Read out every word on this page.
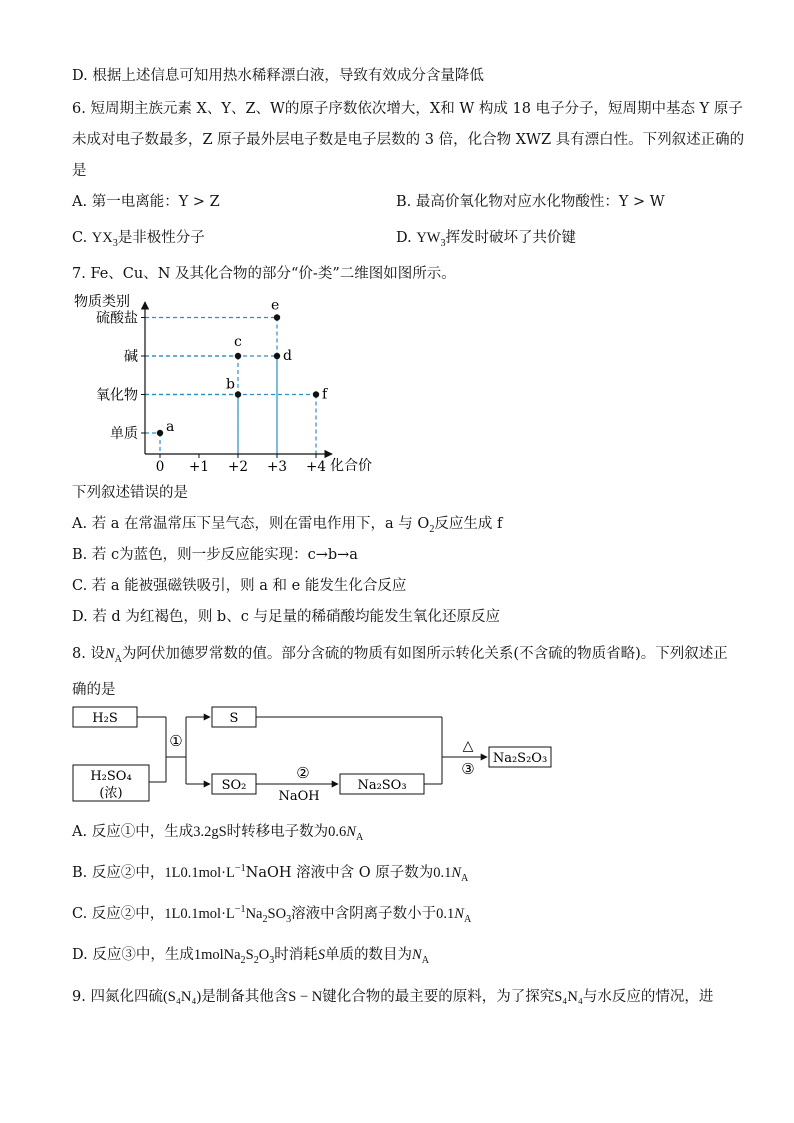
D. 根据上述信息可知用热水稀释漂白液，导致有效成分含量降低
6. 短周期主族元素 X、Y、Z、W的原子序数依次增大，X和 W 构成 18 电子分子，短周期中基态 Y 原子
未成对电子数最多，Z 原子最外层电子数是电子层数的 3 倍，化合物 XWZ 具有漂白性。下列叙述正确的
是
A. 第一电离能：Y > Z	B. 最高价氧化物对应水化物酸性：Y > W
C. $YX_3$是非极性分子	D. $YW_3$挥发时破坏了共价键
7. Fe、Cu、N 及其化合物的部分“价-类”二维图如图所示。
物质类别
化合价
单质
氧化物
碱
硫酸盐
0 +1 +2 +3 +4
a
b
c
d
e
f
下列叙述错误的是
A. 若 a 在常温常压下呈气态，则在雷电作用下，a 与 $O_2$反应生成 f
B. 若 c为蓝色，则一步反应能实现：c→b→a
C. 若 a 能被强磁铁吸引，则 a 和 e 能发生化合反应
D. 若 d 为红褐色，则 b、c 与足量的稀硝酸均能发生氧化还原反应
8. 设$N_A$为阿伏加德罗常数的值。部分含硫的物质有如图所示转化关系(不含硫的物质省略)。下列叙述正
确的是
H₂S
H₂SO₄
(浓)
①
S
SO₂
②
NaOH
Na₂SO₃
△
③
Na₂S₂O₃
A. 反应①中，生成3.2gS时转移电子数为$0.6N_A$
B. 反应②中，$1L0.1mol\cdot L^{-1}NaOH$ 溶液中含 O 原子数为$0.1N_A$
C. 反应②中，$1L0.1mol\cdot L^{-1}Na_2SO_3$溶液中含阴离子数小于$0.1N_A$
D. 反应③中，生成$1molNa_2S_2O_3$时消耗S单质的数目为$N_A$
9. 四氮化四硫(S₄N₄)是制备其他含S − N键化合物的最主要的原料，为了探究S₄N₄与水反应的情况，进
